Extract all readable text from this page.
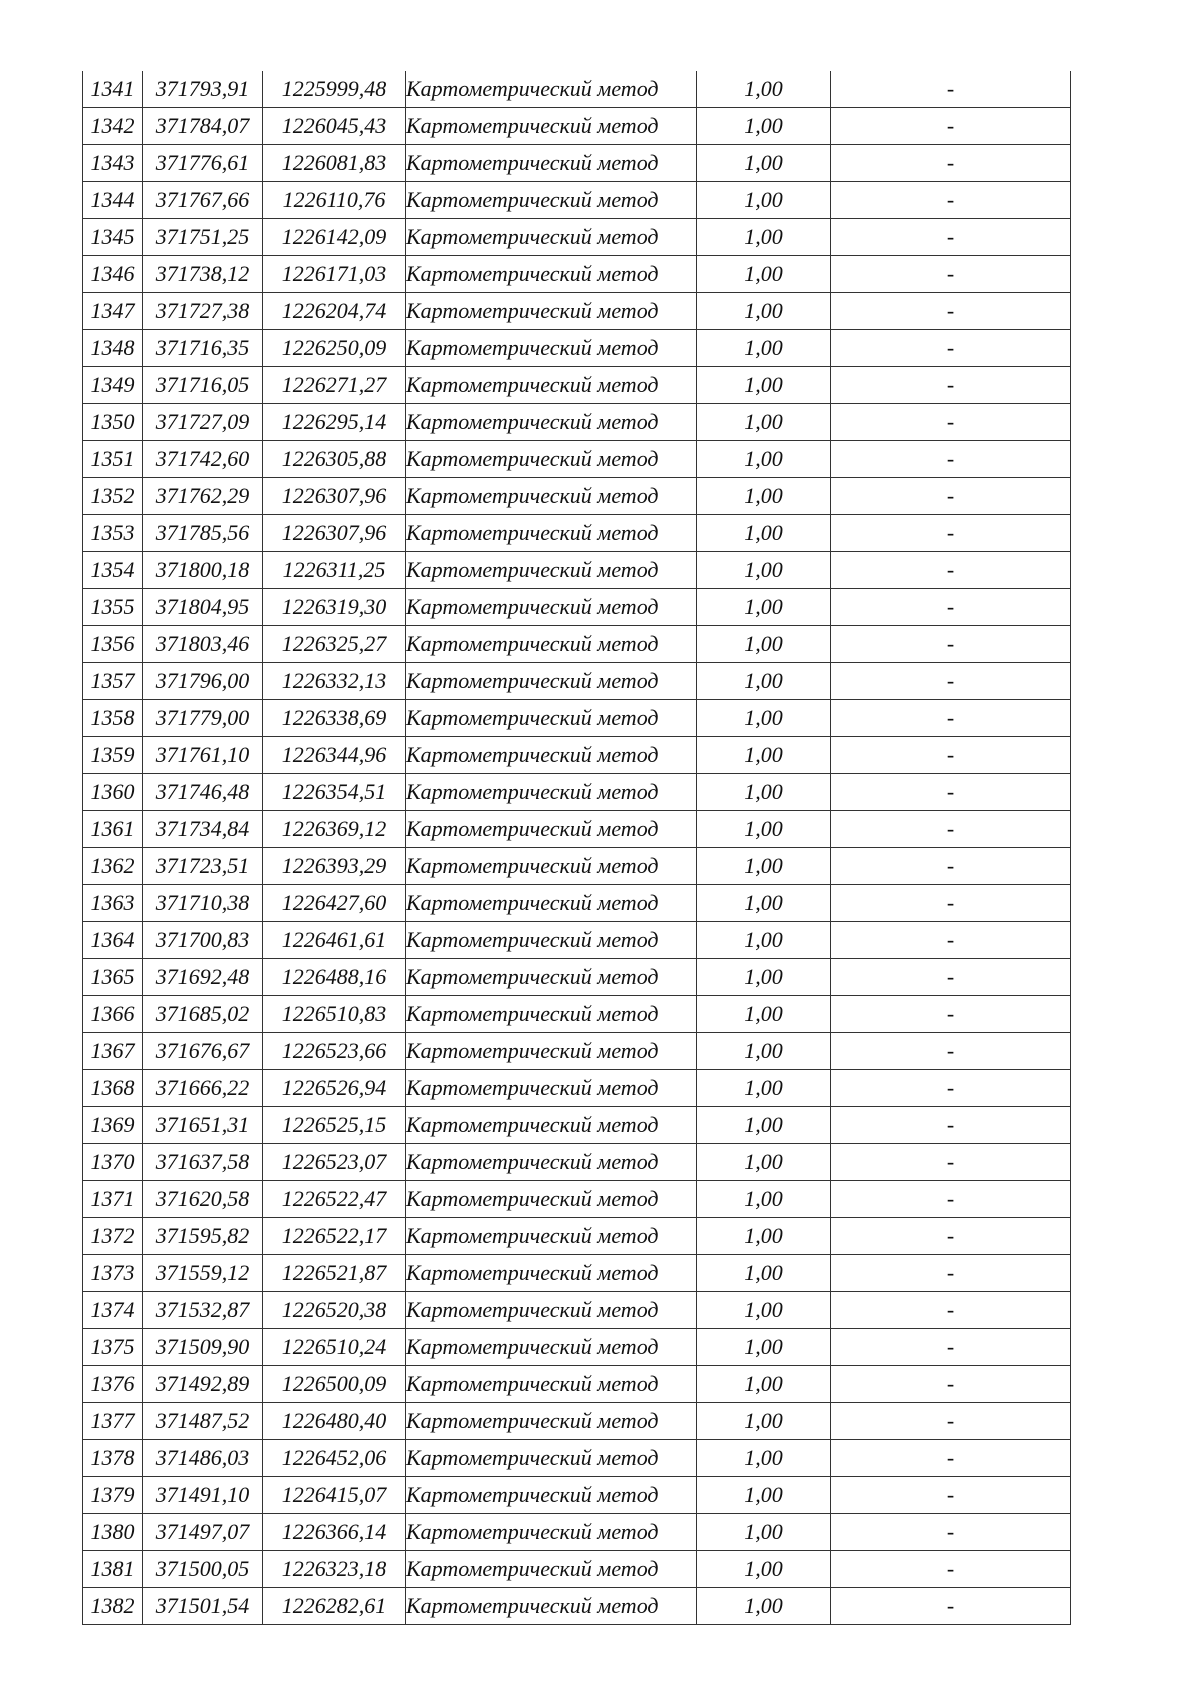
1341	371793,91	1225999,48	Картометрический метод	1,00	-
1342	371784,07	1226045,43	Картометрический метод	1,00	-
1343	371776,61	1226081,83	Картометрический метод	1,00	-
1344	371767,66	1226110,76	Картометрический метод	1,00	-
1345	371751,25	1226142,09	Картометрический метод	1,00	-
1346	371738,12	1226171,03	Картометрический метод	1,00	-
1347	371727,38	1226204,74	Картометрический метод	1,00	-
1348	371716,35	1226250,09	Картометрический метод	1,00	-
1349	371716,05	1226271,27	Картометрический метод	1,00	-
1350	371727,09	1226295,14	Картометрический метод	1,00	-
1351	371742,60	1226305,88	Картометрический метод	1,00	-
1352	371762,29	1226307,96	Картометрический метод	1,00	-
1353	371785,56	1226307,96	Картометрический метод	1,00	-
1354	371800,18	1226311,25	Картометрический метод	1,00	-
1355	371804,95	1226319,30	Картометрический метод	1,00	-
1356	371803,46	1226325,27	Картометрический метод	1,00	-
1357	371796,00	1226332,13	Картометрический метод	1,00	-
1358	371779,00	1226338,69	Картометрический метод	1,00	-
1359	371761,10	1226344,96	Картометрический метод	1,00	-
1360	371746,48	1226354,51	Картометрический метод	1,00	-
1361	371734,84	1226369,12	Картометрический метод	1,00	-
1362	371723,51	1226393,29	Картометрический метод	1,00	-
1363	371710,38	1226427,60	Картометрический метод	1,00	-
1364	371700,83	1226461,61	Картометрический метод	1,00	-
1365	371692,48	1226488,16	Картометрический метод	1,00	-
1366	371685,02	1226510,83	Картометрический метод	1,00	-
1367	371676,67	1226523,66	Картометрический метод	1,00	-
1368	371666,22	1226526,94	Картометрический метод	1,00	-
1369	371651,31	1226525,15	Картометрический метод	1,00	-
1370	371637,58	1226523,07	Картометрический метод	1,00	-
1371	371620,58	1226522,47	Картометрический метод	1,00	-
1372	371595,82	1226522,17	Картометрический метод	1,00	-
1373	371559,12	1226521,87	Картометрический метод	1,00	-
1374	371532,87	1226520,38	Картометрический метод	1,00	-
1375	371509,90	1226510,24	Картометрический метод	1,00	-
1376	371492,89	1226500,09	Картометрический метод	1,00	-
1377	371487,52	1226480,40	Картометрический метод	1,00	-
1378	371486,03	1226452,06	Картометрический метод	1,00	-
1379	371491,10	1226415,07	Картометрический метод	1,00	-
1380	371497,07	1226366,14	Картометрический метод	1,00	-
1381	371500,05	1226323,18	Картометрический метод	1,00	-
1382	371501,54	1226282,61	Картометрический метод	1,00	-
